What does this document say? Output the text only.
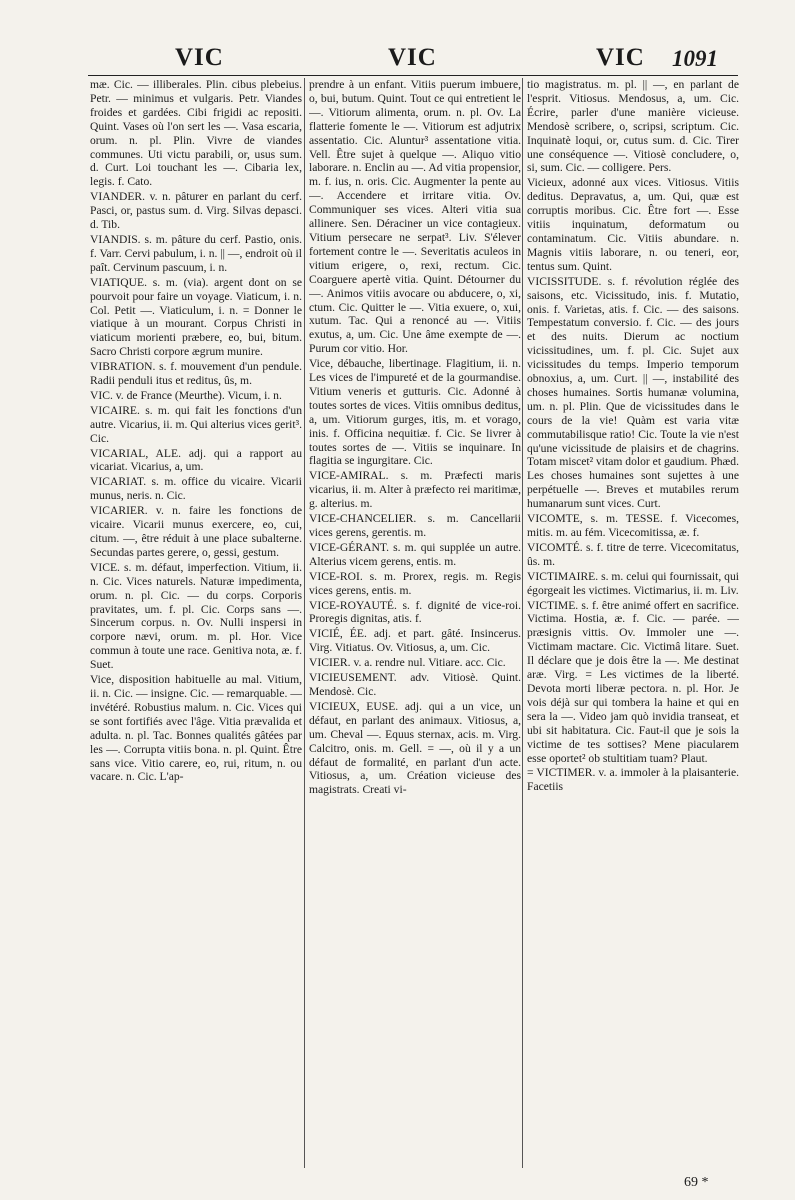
VIC	VIC	VIC 1091

mæ. Cic. — illiberales. Plin. cibus plebeius. Petr. — minimus et vulgaris. Petr. Viandes froides et gardées. Cibi frigidi ac repositi. Quint. Vases où l'on sert les —. Vasa escaria, orum. n. pl. Plin. Vivre de viandes communes. Uti victu parabili, or, usus sum. d. Curt. Loi touchant les —. Cibaria lex, legis. f. Cato.

VIANDER. v. n. pâturer en parlant du cerf. Pasci, or, pastus sum. d. Virg. Silvas depasci. d. Tib.

VIANDIS. s. m. pâture du cerf. Pastio, onis. f. Varr. Cervi pabulum, i. n. || —, endroit où il paît. Cervinum pascuum, i. n.

VIATIQUE. s. m. (via). argent dont on se pourvoit pour faire un voyage. Viaticum, i. n. Col. Petit —. Viaticulum, i. n. = Donner le viatique à un mourant. Corpus Christi in viaticum morienti præbere, eo, bui, bitum. Sacro Christi corpore ægrum munire.

VIBRATION. s. f. mouvement d'un pendule. Radii penduli itus et reditus, ûs, m.

VIC. v. de France (Meurthe). Vicum, i. n.

VICAIRE. s. m. qui fait les fonctions d'un autre. Vicarius, ii. m. Qui alterius vices gerit³. Cic.

VICARIAL, ALE. adj. qui a rapport au vicariat. Vicarius, a, um.

VICARIAT. s. m. office du vicaire. Vicarii munus, neris. n. Cic.

VICARIER. v. n. faire les fonctions de vicaire. Vicarii munus exercere, eo, cui, citum. —, être réduit à une place subalterne. Secundas partes gerere, o, gessi, gestum.

VICE. s. m. défaut, imperfection. Vitium, ii. n. Cic. Vices naturels. Naturæ impedimenta, orum. n. pl. Cic. — du corps. Corporis pravitates, um. f. pl. Cic. Corps sans —. Sincerum corpus. n. Ov. Nulli inspersi in corpore nævi, orum. m. pl. Hor. Vice commun à toute une race. Genitiva nota, æ. f. Suet.

Vice, disposition habituelle au mal. Vitium, ii. n. Cic. — insigne. Cic. — remarquable. — invétéré. Robustius malum. n. Cic. Vices qui se sont fortifiés avec l'âge. Vitia prævalida et adulta. n. pl. Tac. Bonnes qualités gâtées par les —. Corrupta vitiis bona. n. pl. Quint. Être sans vice. Vitio carere, eo, rui, ritum, n. ou vacare. n. Cic. L'ap-

prendre à un enfant. Vitiis puerum imbuere, o, bui, butum. Quint. Tout ce qui entretient le —. Vitiorum alimenta, orum. n. pl. Ov. La flatterie fomente le —. Vitiorum est adjutrix assentatio. Cic. Aluntur³ assentatione vitia. Vell. Être sujet à quelque —. Aliquo vitio laborare. n. Enclin au —. Ad vitia propensior, m. f. ius, n. oris. Cic. Augmenter la pente au —. Accendere et irritare vitia. Ov. Communiquer ses vices. Alteri vitia sua allinere. Sen. Déraciner un vice contagieux. Vitium persecare ne serpat³. Liv. S'élever fortement contre le —. Severitatis aculeos in vitium erigere, o, rexi, rectum. Cic. Coarguere apertè vitia. Quint. Détourner du —. Animos vitiis avocare ou abducere, o, xi, ctum. Cic. Quitter le —. Vitia exuere, o, xui, xutum. Tac. Qui a renoncé au —. Vitiis exutus, a, um. Cic. Une âme exempte de —. Purum cor vitio. Hor.

Vice, débauche, libertinage. Flagitium, ii. n. Les vices de l'impureté et de la gourmandise. Vitium veneris et gutturis. Cic. Adonné à toutes sortes de vices. Vitiis omnibus deditus, a, um. Vitiorum gurges, itis, m. et vorago, inis. f. Officina nequitiæ. f. Cic. Se livrer à toutes sortes de —. Vitiis se inquinare. In flagitia se ingurgitare. Cic.

VICE-AMIRAL. s. m. Præfecti maris vicarius, ii. m. Alter à præfecto rei maritimæ, g. alterius. m.

VICE-CHANCELIER. s. m. Cancellarii vices gerens, gerentis. m.

VICE-GÉRANT. s. m. qui supplée un autre. Alterius vicem gerens, entis. m.

VICE-ROI. s. m. Prorex, regis. m. Regis vices gerens, entis. m.

VICE-ROYAUTÉ. s. f. dignité de vice-roi. Proregis dignitas, atis. f.

VICIÉ, ÉE. adj. et part. gâté. Insincerus. Virg. Vitiatus. Ov. Vitiosus, a, um. Cic.

VICIER. v. a. rendre nul. Vitiare. acc. Cic.

VICIEUSEMENT. adv. Vitiosè. Quint. Mendosè. Cic.

VICIEUX, EUSE. adj. qui a un vice, un défaut, en parlant des animaux. Vitiosus, a, um. Cheval —. Equus sternax, acis. m. Virg. Calcitro, onis. m. Gell. = —, où il y a un défaut de formalité, en parlant d'un acte. Vitiosus, a, um. Création vicieuse des magistrats. Creati vi-

tio magistratus. m. pl. || —, en parlant de l'esprit. Vitiosus. Mendosus, a, um. Cic. Écrire, parler d'une manière vicieuse. Mendosè scribere, o, scripsi, scriptum. Cic. Inquinatè loqui, or, cutus sum. d. Cic. Tirer une conséquence —. Vitiosè concludere, o, si, sum. Cic. — colligere. Pers.

Vicieux, adonné aux vices. Vitiosus. Vitiis deditus. Depravatus, a, um. Qui, quæ est corruptis moribus. Cic. Être fort —. Esse vitiis inquinatum, deformatum ou contaminatum. Cic. Vitiis abundare. n. Magnis vitiis laborare, n. ou teneri, eor, tentus sum. Quint.

VICISSITUDE. s. f. révolution réglée des saisons, etc. Vicissitudo, inis. f. Mutatio, onis. f. Varietas, atis. f. Cic. — des saisons. Tempestatum conversio. f. Cic. — des jours et des nuits. Dierum ac noctium vicissitudines, um. f. pl. Cic. Sujet aux vicissitudes du temps. Imperio temporum obnoxius, a, um. Curt. || —, instabilité des choses humaines. Sortis humanæ volumina, um. n. pl. Plin. Que de vicissitudes dans le cours de la vie! Quàm est varia vitæ commutabilisque ratio! Cic. Toute la vie n'est qu'une vicissitude de plaisirs et de chagrins. Totam miscet² vitam dolor et gaudium. Phæd. Les choses humaines sont sujettes à une perpétuelle —. Breves et mutabiles rerum humanarum sunt vices. Curt.

VICOMTE, s. m. TESSE. f. Vicecomes, mitis. m. au fém. Vicecomitissa, æ. f.

VICOMTÉ. s. f. titre de terre. Vicecomitatus, ûs. m.

VICTIMAIRE. s. m. celui qui fournissait, qui égorgeait les victimes. Victimarius, ii. m. Liv.

VICTIME. s. f. être animé offert en sacrifice. Victima. Hostia, æ. f. Cic. — parée. — præsignis vittis. Ov. Immoler une —. Victimam mactare. Cic. Victimâ litare. Suet. Il déclare que je dois être la —. Me destinat aræ. Virg. = Les victimes de la liberté. Devota morti liberæ pectora. n. pl. Hor. Je vois déjà sur qui tombera la haine et qui en sera la —. Video jam quò invidia transeat, et ubi sit habitatura. Cic. Faut-il que je sois la victime de tes sottises? Mene piacularem esse oportet² ob stultitiam tuam? Plaut.

= VICTIMER. v. a. immoler à la plaisanterie. Facetiis

69 *
